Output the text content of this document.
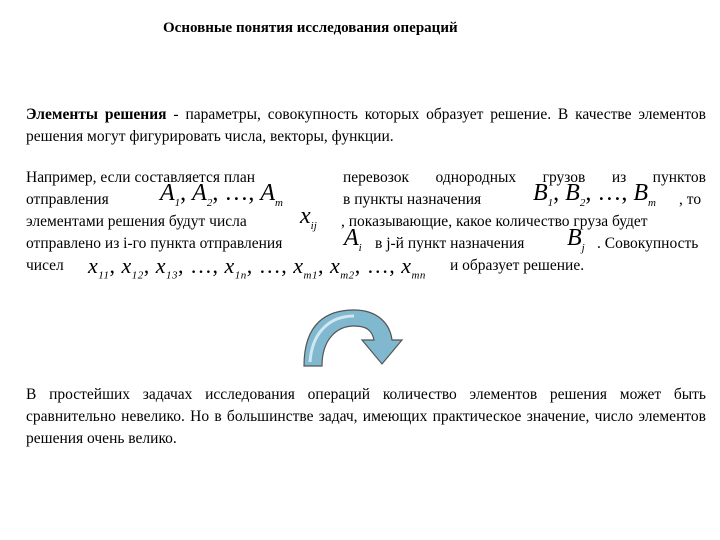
Основные понятия исследования операций
Элементы решения - параметры, совокупность которых образует решение. В качестве элементов решения могут фигурировать числа, векторы, функции.
Например, если составляется план	перевозок однородных грузов из пунктов
отправления $A_1$, $A_2$, …, $A_m$	в пункты назначения $B_1$, $B_2$, …, $B_m$ , то
элементами решения будут числа $x_{ij}$ , показывающие, какое количество груза будет
отправлено из i-го пункта отправления	$A_i$ в j-й пункт назначения $B_j$ . Совокупность
чисел $x_{11}$, $x_{12}$, $x_{13}$, …, $x_{1n}$, …, $x_{m1}$, $x_{m2}$, …, $x_{mn}$
и образует решение.
В простейших задачах исследования операций количество элементов решения может быть сравнительно невелико. Но в большинстве задач, имеющих практическое значение, число элементов решения очень велико.
